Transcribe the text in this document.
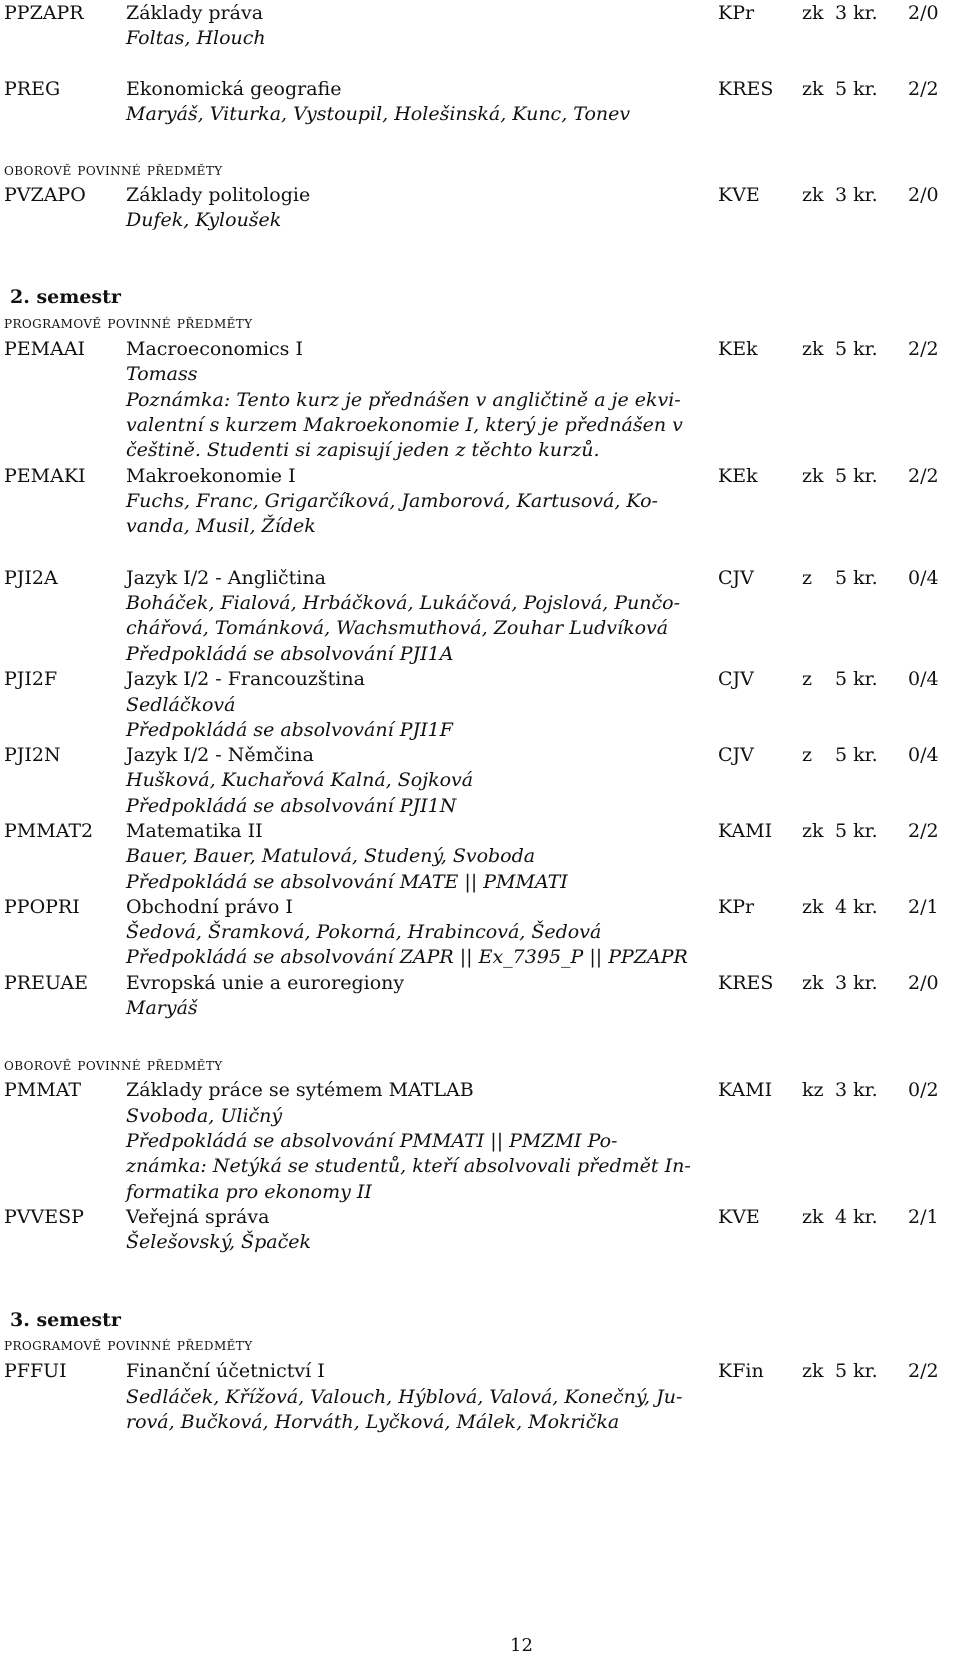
PPZAPR Základy práva	KPr	zk 3 kr. 2/0
Foltas, Hlouch
PREG	Ekonomická geografie	KRES zk 5 kr. 2/2
Maryáš, Viturka, Vystoupil, Holešinská, Kunc, Tonev
oborově povinné předměty
PVZAPO Základy politologie	KVE zk 3 kr. 2/0
Dufek, Kyloušek
2. semestr
programově povinné předměty
PEMAAI Macroeconomics I	KEk zk 5 kr. 2/2
Tomass
Poznámka: Tento kurz je přednášen v angličtině a je ekvi-
valentní s kurzem Makroekonomie I, který je přednášen v
češtině. Studenti si zapisují jeden z těchto kurzů.
PEMAKI Makroekonomie I	KEk zk 5 kr. 2/2
Fuchs, Franc, Grigarčíková, Jamborová, Kartusová, Ko-
vanda, Musil, Žídek
PJI2A	Jazyk I/2 - Angličtina	CJV	z 5 kr. 0/4
Boháček, Fialová, Hrbáčková, Lukáčová, Pojslová, Punčo-
chářová, Tománková, Wachsmuthová, Zouhar Ludvíková
Předpokládá se absolvování PJI1A
PJI2F	Jazyk I/2 - Francouzština	CJV	z 5 kr. 0/4
Sedláčková
Předpokládá se absolvování PJI1F
PJI2N	Jazyk I/2 - Němčina	CJV	z 5 kr. 0/4
Hušková, Kuchařová Kalná, Sojková
Předpokládá se absolvování PJI1N
PMMAT2 Matematika II	KAMI zk 5 kr. 2/2
Bauer, Bauer, Matulová, Studený, Svoboda
Předpokládá se absolvování MATE || PMMATI
PPOPRI Obchodní právo I	KPr	zk 4 kr. 2/1
Šedová, Šramková, Pokorná, Hrabincová, Šedová
Předpokládá se absolvování ZAPR || Ex_7395_P || PPZAPR
PREUAE Evropská unie a euroregiony	KRES zk 3 kr. 2/0
Maryáš
oborově povinné předměty
PMMAT Základy práce se sytémem MATLAB	KAMI kz 3 kr. 0/2
Svoboda, Uličný
Předpokládá se absolvování PMMATI || PMZMI Po-
známka: Netýká se studentů, kteří absolvovali předmět In-
formatika pro ekonomy II
PVVESP Veřejná správa	KVE zk 4 kr. 2/1
Šelešovský, Špaček
3. semestr
programově povinné předměty
PFFUI	Finanční účetnictví I	KFin zk 5 kr. 2/2
Sedláček, Křížová, Valouch, Hýblová, Valová, Konečný, Ju-
rová, Bučková, Horváth, Lyčková, Málek, Mokrička
12
